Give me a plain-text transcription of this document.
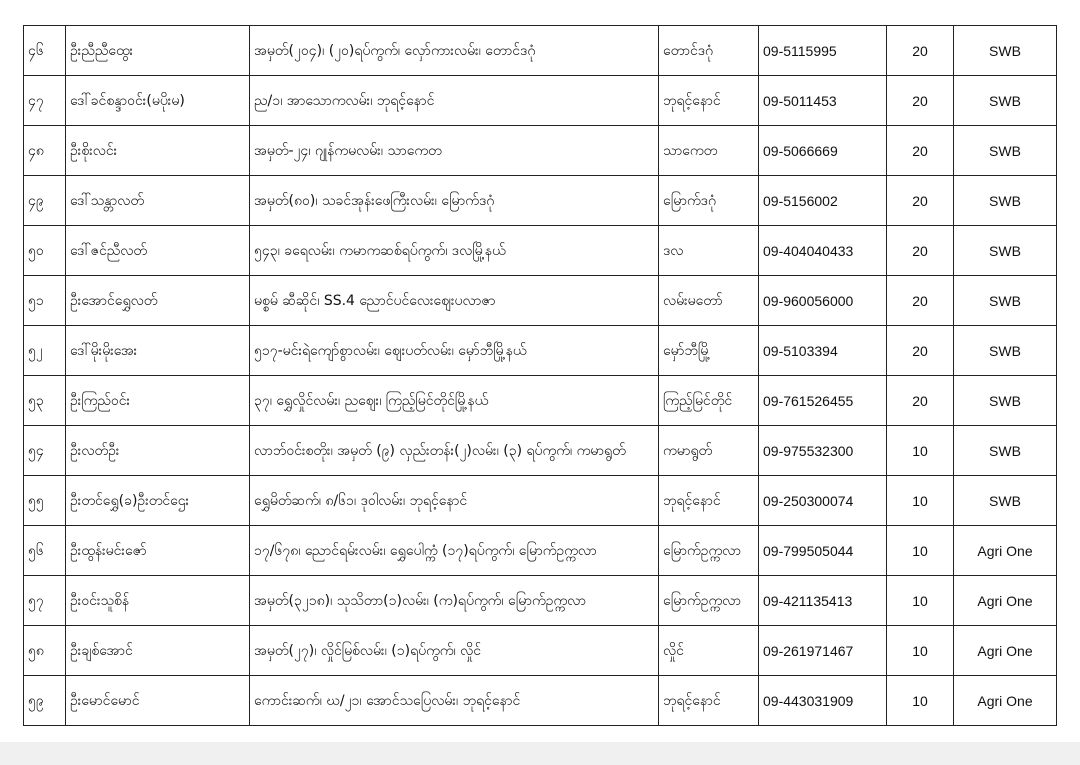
၄၆	ဦးညီညီထွေး	အမှတ်(၂၀၄)၊ (၂၀)ရပ်ကွက်၊ လှော်ကားလမ်း၊ တောင်ဒဂုံ	တောင်ဒဂုံ	09-5115995	20	SWB
၄၇	ဒေါ်ခင်စန္ဒာဝင်း(မပိုးမ)	ည/၁၊ အာသောကလမ်း၊ ဘုရင့်နောင်	ဘုရင့်နောင်	09-5011453	20	SWB
၄၈	ဦးစိုးလင်း	အမှတ်-၂၄၊ ဂျုန်ကမလမ်း၊ သာကေတ	သာကေတ	09-5066669	20	SWB
၄၉	ဒေါ်သန္တာလတ်	အမှတ်(၈၀)၊ သခင်အုန်းဖေကြီးလမ်း၊ မြောက်ဒဂုံ	မြောက်ဒဂုံ	09-5156002	20	SWB
၅၀	ဒေါ်ဇင်ညီလတ်	၅၄၃၊ ခရေလမ်း၊ ကမာကဆစ်ရပ်ကွက်၊ ဒလမြို့နယ်	ဒလ	09-404040433	20	SWB
၅၁	ဦးအောင်ရွှေလတ်	မစ္စမ် ဆီဆိုင်၊ SS.4 ညောင်ပင်လေးဈေးပလာဇာ	လမ်းမတော်	09-960056000	20	SWB
၅၂	ဒေါ်မိုးမိုးအေး	၅၁၇-မင်းရဲကျော်စွာလမ်း၊ ဈေးပတ်လမ်း၊ မှော်ဘီမြို့နယ်	မှော်ဘီမြို့	09-5103394	20	SWB
၅၃	ဦးကြည်ဝင်း	၃၇၊ ရွှေလှိုင်လမ်း၊ ညဈေး၊ ကြည့်မြင်တိုင်မြို့နယ်	ကြည့်မြင်တိုင်	09-761526455	20	SWB
၅၄	ဦးလတ်ဦး	လာဘ်ဝင်းစတိုး၊ အမှတ် (၉) လှည်းတန်း(၂)လမ်း၊ (၃) ရပ်ကွက်၊ ကမာရွတ်	ကမာရွတ်	09-975532300	10	SWB
၅၅	ဦးတင်ရွှေ(ခ)ဦးတင်ဌေး	ရွှေမိတ်ဆက်၊ ၈/၆၁၊ ဒုဝါလမ်း၊ ဘုရင့်နောင်	ဘုရင့်နောင်	09-250300074	10	SWB
၅၆	ဦးထွန်းမင်းဇော်	၁၇/၆၇၈၊ ညောင်ရမ်းလမ်း၊ ရွှေပေါက္ကံ (၁၇)ရပ်ကွက်၊ မြောက်ဥက္ကလာ	မြောက်ဥက္ကလာ	09-799505044	10	Agri One
၅၇	ဦးဝင်းသူစိန်	အမှတ်(၃၂၁၈)၊ သုသိတာ(၁)လမ်း၊ (က)ရပ်ကွက်၊ မြောက်ဥက္ကလာ	မြောက်ဥက္ကလာ	09-421135413	10	Agri One
၅၈	ဦးချစ်အောင်	အမှတ်(၂၇)၊ လှိုင်မြစ်လမ်း၊ (၁)ရပ်ကွက်၊ လှိုင်	လှိုင်	09-261971467	10	Agri One
၅၉	ဦးမောင်မောင်	ကောင်းဆက်၊ ဃ/၂၁၊ အောင်သပြေလမ်း၊ ဘုရင့်နောင်	ဘုရင့်နောင်	09-443031909	10	Agri One
